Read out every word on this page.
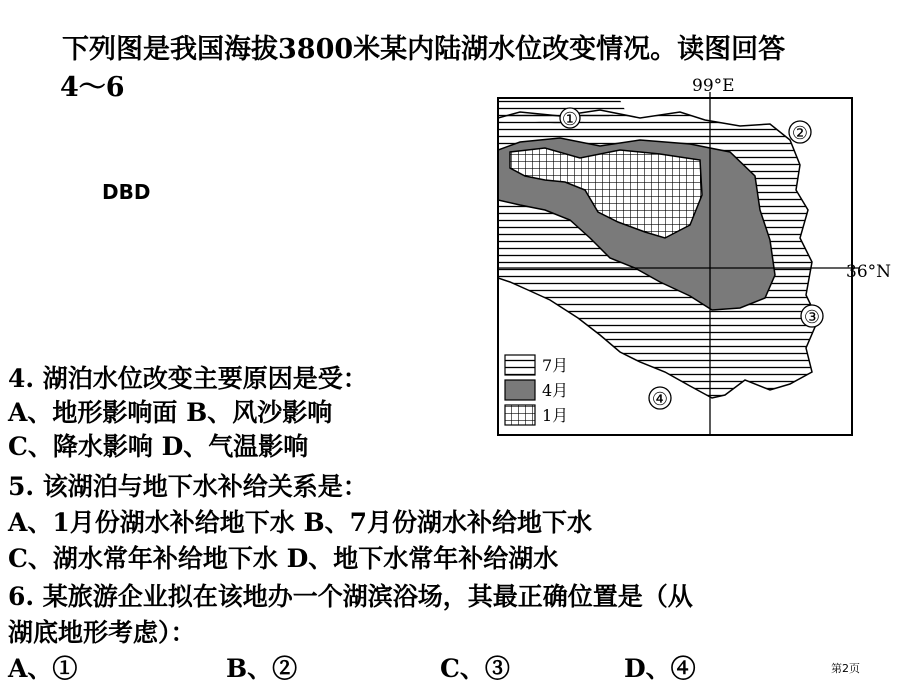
下列图是我国海拔3800米某内陆湖水位改变情况。读图回答
4～6
DBD
99°E
36°N
①
②
③
④
7月
4月
1月
4. 湖泊水位改变主要原因是受：
A、地形影响面 B、风沙影响
C、降水影响 D、气温影响
5. 该湖泊与地下水补给关系是：
A、1月份湖水补给地下水 B、7月份湖水补给地下水
C、湖水常年补给地下水 D、地下水常年补给湖水
6. 某旅游企业拟在该地办一个湖滨浴场，其最正确位置是（从
湖底地形考虑）：
A、①	B、②	C、③	D、④	第2页
